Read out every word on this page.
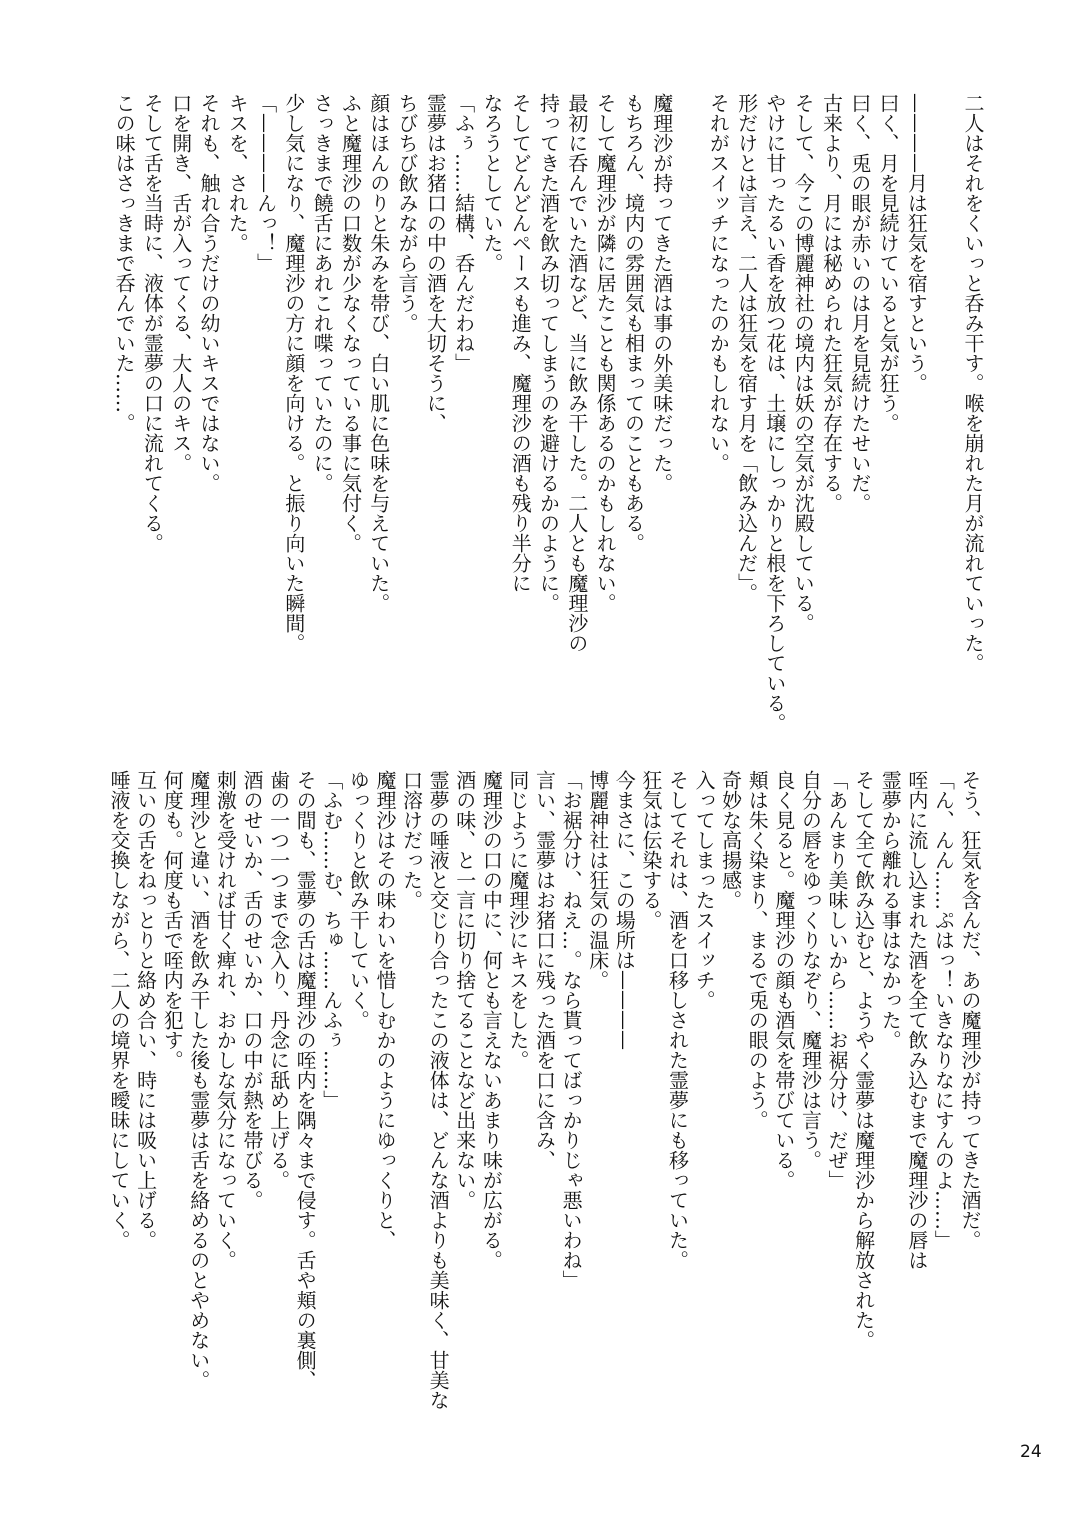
二人はそれをくいっと呑み干す。喉を崩れた月が流れていった。
————月は狂気を宿すという。
曰く、月を見続けていると気が狂う。
曰く、兎の眼が赤いのは月を見続けたせいだ。
古来より、月には秘められた狂気が存在する。
そして、今この博麗神社の境内は妖の空気が沈殿している。
やけに甘ったるい香を放つ花は、土壌にしっかりと根を下ろしている。
形だけとは言え、二人は狂気を宿す月を「飲み込んだ」。
それがスイッチになったのかもしれない。
魔理沙が持ってきた酒は事の外美味だった。
もちろん、境内の雰囲気も相まってのこともある。
そして魔理沙が隣に居たことも関係あるのかもしれない。
最初に呑んでいた酒など、当に飲み干した。二人とも魔理沙の
持ってきた酒を飲み切ってしまうのを避けるかのように。
そしてどんどんペースも進み、魔理沙の酒も残り半分に
なろうとしていた。
「ふぅ……結構、呑んだわね」
霊夢はお猪口の中の酒を大切そうに、
ちびちび飲みながら言う。
顔はほんのりと朱みを帯び、白い肌に色味を与えていた。
ふと魔理沙の口数が少なくなっている事に気付く。
さっきまで饒舌にあれこれ喋っていたのに。
少し気になり、魔理沙の方に顔を向ける。と振り向いた瞬間。
「————んっ！」
キスを、された。
それも、触れ合うだけの幼いキスではない。
口を開き、舌が入ってくる、大人のキス。
そして舌を当時に、液体が霊夢の口に流れてくる。
この味はさっきまで呑んでいた……。
そう、狂気を含んだ、あの魔理沙が持ってきた酒だ。
「ん、んん……ぷはっ！いきなりなにすんのよ……」
咥内に流し込まれた酒を全て飲み込むまで魔理沙の唇は
霊夢から離れる事はなかった。
そして全て飲み込むと、ようやく霊夢は魔理沙から解放された。
「あんまり美味しいから……お裾分け、だぜ」
自分の唇をゆっくりなぞり、魔理沙は言う。
良く見ると。魔理沙の顔も酒気を帯びている。
頬は朱く染まり、まるで兎の眼のよう。
奇妙な高揚感。
入ってしまったスイッチ。
そしてそれは、酒を口移しされた霊夢にも移っていた。
狂気は伝染する。
今まさに、この場所は————
博麗神社は狂気の温床。
「お裾分け、ねえ…。なら貰ってばっかりじゃ悪いわね」
言い、霊夢はお猪口に残った酒を口に含み、
同じように魔理沙にキスをした。
魔理沙の口の中に、何とも言えないあまり味が広がる。
酒の味、と一言に切り捨てることなど出来ない。
霊夢の唾液と交じり合ったこの液体は、どんな酒よりも美味く、甘美な
口溶けだった。
魔理沙はその味わいを惜しむかのようにゆっくりと、
ゆっくりと飲み干していく。
「ふむ……む、ちゅ……んふぅ……」
その間も、霊夢の舌は魔理沙の咥内を隅々まで侵す。舌や頬の裏側、
歯の一つ一つまで念入り、丹念に舐め上げる。
酒のせいか、舌のせいか、口の中が熱を帯びる。
刺激を受ければ甘く痺れ、おかしな気分になっていく。
魔理沙と違い、酒を飲み干した後も霊夢は舌を絡めるのとやめない。
何度も。何度も舌で咥内を犯す。
互いの舌をねっとりと絡め合い、時には吸い上げる。
唾液を交換しながら、二人の境界を曖昧にしていく。
24
